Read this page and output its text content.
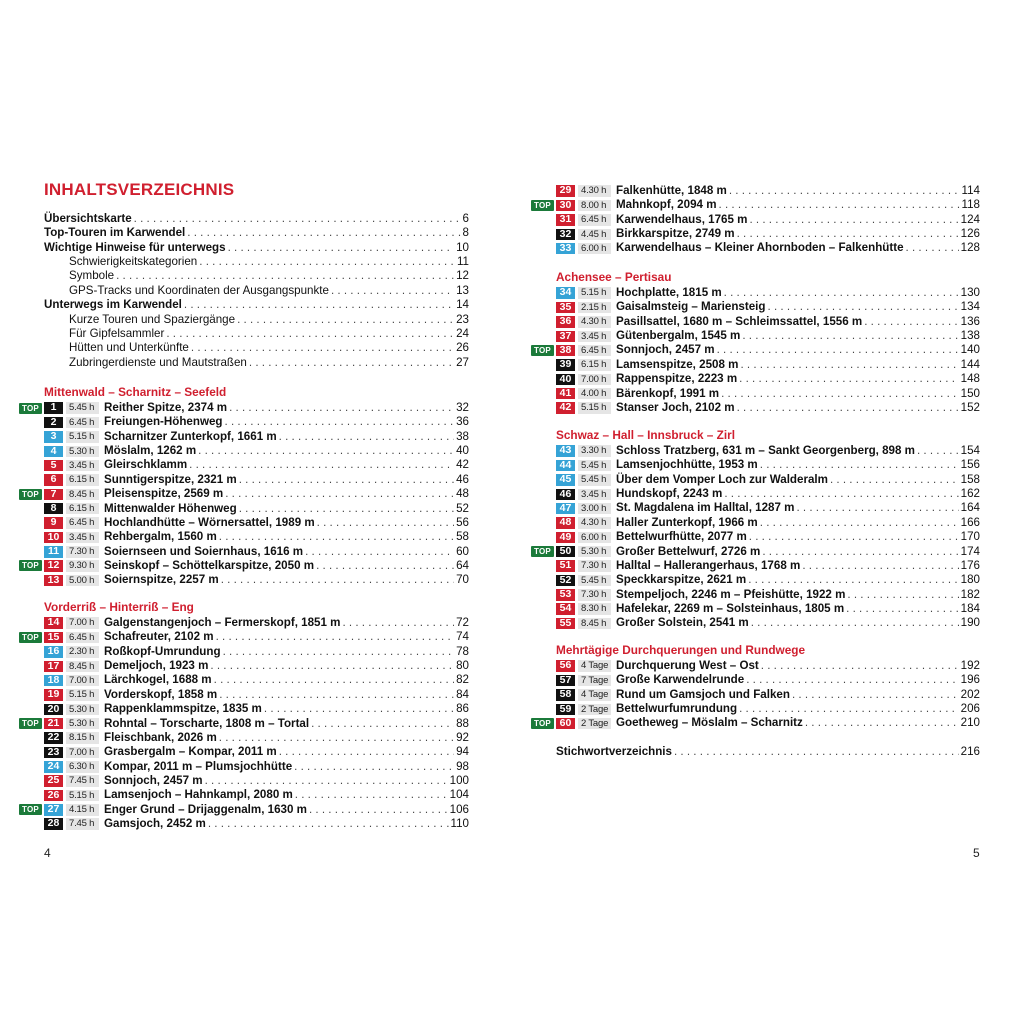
INHALTSVERZEICHNIS
Übersichtskarte . . .	6
Top-Touren im Karwendel . . .	8
Wichtige Hinweise für unterwegs . . .	10
Schwierigkeitskategorien . . .	11
Symbole . . .	12
GPS-Tracks und Koordinaten der Ausgangspunkte . . .	13
Unterwegs im Karwendel . . .	14
Kurze Touren und Spaziergänge . . .	23
Für Gipfelsammler . . .	24
Hütten und Unterkünfte . . .	26
Zubringerdienste und Mautstraßen . . .	27
Mittenwald – Scharnitz – Seefeld
TOP	1	5.45 h Reither Spitze, 2374 m . . .	32
2	6.45 h Freiungen-Höhenweg . . .	36
3	5.15 h Scharnitzer Zunterkopf, 1661 m . . .	38
4	5.30 h Möslalm, 1262 m . . .	40
5	3.45 h Gleirschklamm . . .	42
6	6.15 h Sunntigerspitze, 2321 m . . .	46
TOP	7	8.45 h Pleisenspitze, 2569 m . . .	48
8	6.15 h Mittenwalder Höhenweg . . .	52
9	6.45 h Hochlandhütte – Wörnersattel, 1989 m . . .	56
10	3.45 h Rehbergalm, 1560 m . . .	58
11	7.30 h Soiernseen und Soiernhaus, 1616 m . . .	60
TOP 12	9.30 h Seinskopf – Schöttelkarspitze, 2050 m . . .	64
13	5.00 h Soiernspitze, 2257 m . . .	70
Vorderriß – Hinterriß – Eng
14	7.00 h Galgenstangenjoch – Fermerskopf, 1851 m . . .	72
TOP 15	6.45 h Schafreuter, 2102 m . . .	74
16	2.30 h Roßkopf-Umrundung . . .	78
17	8.45 h Demeljoch, 1923 m . . .	80
18	7.00 h Lärchkogel, 1688 m . . .	82
19	5.15 h Vorderskopf, 1858 m . . .	84
20	5.30 h Rappenklammspitze, 1835 m . . .	86
TOP 21	5.30 h Rohntal – Torscharte, 1808 m – Tortal . . .	88
22	8.15 h Fleischbank, 2026 m . . .	92
23	7.00 h Grasbergalm – Kompar, 2011 m . . .	94
24	6.30 h Kompar, 2011 m – Plumsjochhütte . . .	98
25	7.45 h Sonnjoch, 2457 m . . .	100
26	5.15 h Lamsenjoch – Hahnkampl, 2080 m . . .	104
TOP 27	4.15 h Enger Grund – Drijaggenalm, 1630 m . . .	106
28	7.45 h Gamsjoch, 2452 m . . .	110
4
29	4.30 h Falkenhütte, 1848 m . . .	114
TOP 30	8.00 h Mahnkopf, 2094 m . . .	118
31	6.45 h Karwendelhaus, 1765 m . . .	124
32	4.45 h Birkkarspitze, 2749 m . . .	126
33	6.00 h Karwendelhaus – Kleiner Ahornboden – Falkenhütte . . .	128
Achensee – Pertisau
34	5.15 h Hochplatte, 1815 m . . .	130
35	2.15 h Gaisalmsteig – Mariensteig . . .	134
36	4.30 h Pasillsattel, 1680 m – Schleimssattel, 1556 m . . .	136
37	3.45 h Gütenbergalm, 1545 m . . .	138
TOP 38	6.45 h Sonnjoch, 2457 m . . .	140
39	6.15 h Lamsenspitze, 2508 m . . .	144
40	7.00 h Rappenspitze, 2223 m . . .	148
41	4.00 h Bärenkopf, 1991 m . . .	150
42	5.15 h Stanser Joch, 2102 m . . .	152
Schwaz – Hall – Innsbruck – Zirl
43	3.30 h Schloss Tratzberg, 631 m – Sankt Georgenberg, 898 m . . .	154
44	5.45 h Lamsenjochhütte, 1953 m . . .	156
45	5.45 h Über dem Vomper Loch zur Walderalm . . .	158
46	3.45 h Hundskopf, 2243 m . . .	162
47	3.00 h St. Magdalena im Halltal, 1287 m . . .	164
48	4.30 h Haller Zunterkopf, 1966 m . . .	166
49	6.00 h Bettelwurfhütte, 2077 m . . .	170
TOP 50	5.30 h Großer Bettelwurf, 2726 m . . .	174
51	7.30 h Halltal – Hallerangerhaus, 1768 m . . .	176
52	5.45 h Speckkarspitze, 2621 m . . .	180
53	7.30 h Stempeljoch, 2246 m – Pfeishütte, 1922 m . . .	182
54	8.30 h Hafelekar, 2269 m – Solsteinhaus, 1805 m . . .	184
55	8.45 h Großer Solstein, 2541 m . . .	190
Mehrtägige Durchquerungen und Rundwege
56	4 Tage Durchquerung West – Ost . . .	192
57	7 Tage Große Karwendelrunde . . .	196
58	4 Tage Rund um Gamsjoch und Falken . . .	202
59	2 Tage Bettelwurfumrundung . . .	206
TOP 60	2 Tage Goetheweg – Möslalm – Scharnitz . . .	210
5
Stichwortverzeichnis . . .	216
